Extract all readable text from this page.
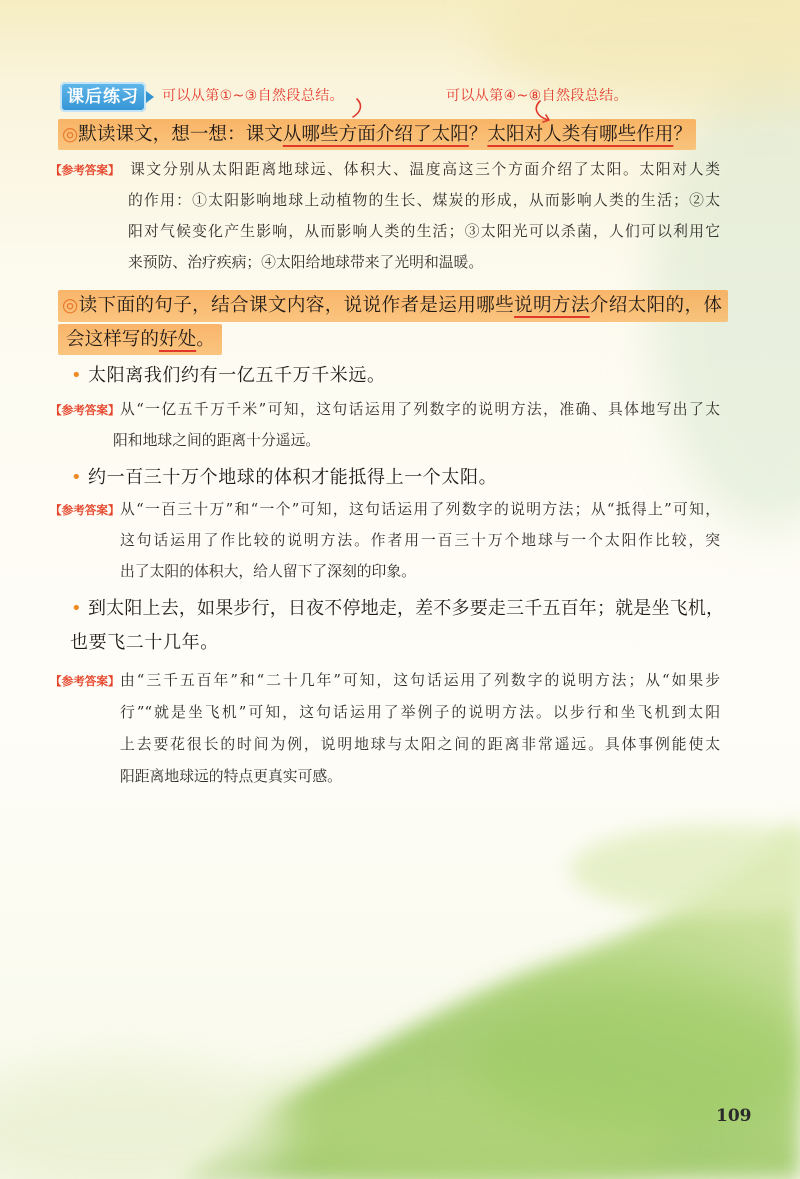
课后练习	可以从第①~③自然段总结。	可以从第④~⑧自然段总结。
◎默读课文，想一想：课文从哪些方面介绍了太阳？太阳对人类有哪些作用？
【参考答案】 课文分别从太阳距离地球远、体积大、温度高这三个方面介绍了太阳。太阳对人类
的作用：①太阳影响地球上动植物的生长、煤炭的形成，从而影响人类的生活；②太
阳对气候变化产生影响，从而影响人类的生活；③太阳光可以杀菌，人们可以利用它
来预防、治疗疾病；④太阳给地球带来了光明和温暖。
◎读下面的句子，结合课文内容，说说作者是运用哪些说明方法介绍太阳的，体
会这样写的好处。
• 太阳离我们约有一亿五千万千米远。
【参考答案】 从“一亿五千万千米”可知，这句话运用了列数字的说明方法，准确、具体地写出了太
阳和地球之间的距离十分遥远。
• 约一百三十万个地球的体积才能抵得上一个太阳。
【参考答案】 从“一百三十万”和“一个”可知，这句话运用了列数字的说明方法；从“抵得上”可知，
这句话运用了作比较的说明方法。作者用一百三十万个地球与一个太阳作比较，突
出了太阳的体积大，给人留下了深刻的印象。
• 到太阳上去，如果步行，日夜不停地走，差不多要走三千五百年；就是坐飞机，
也要飞二十几年。
【参考答案】 由“三千五百年”和“二十几年”可知，这句话运用了列数字的说明方法；从“如果步
行”“就是坐飞机”可知，这句话运用了举例子的说明方法。以步行和坐飞机到太阳
上去要花很长的时间为例，说明地球与太阳之间的距离非常遥远。具体事例能使太
阳距离地球远的特点更真实可感。
109
